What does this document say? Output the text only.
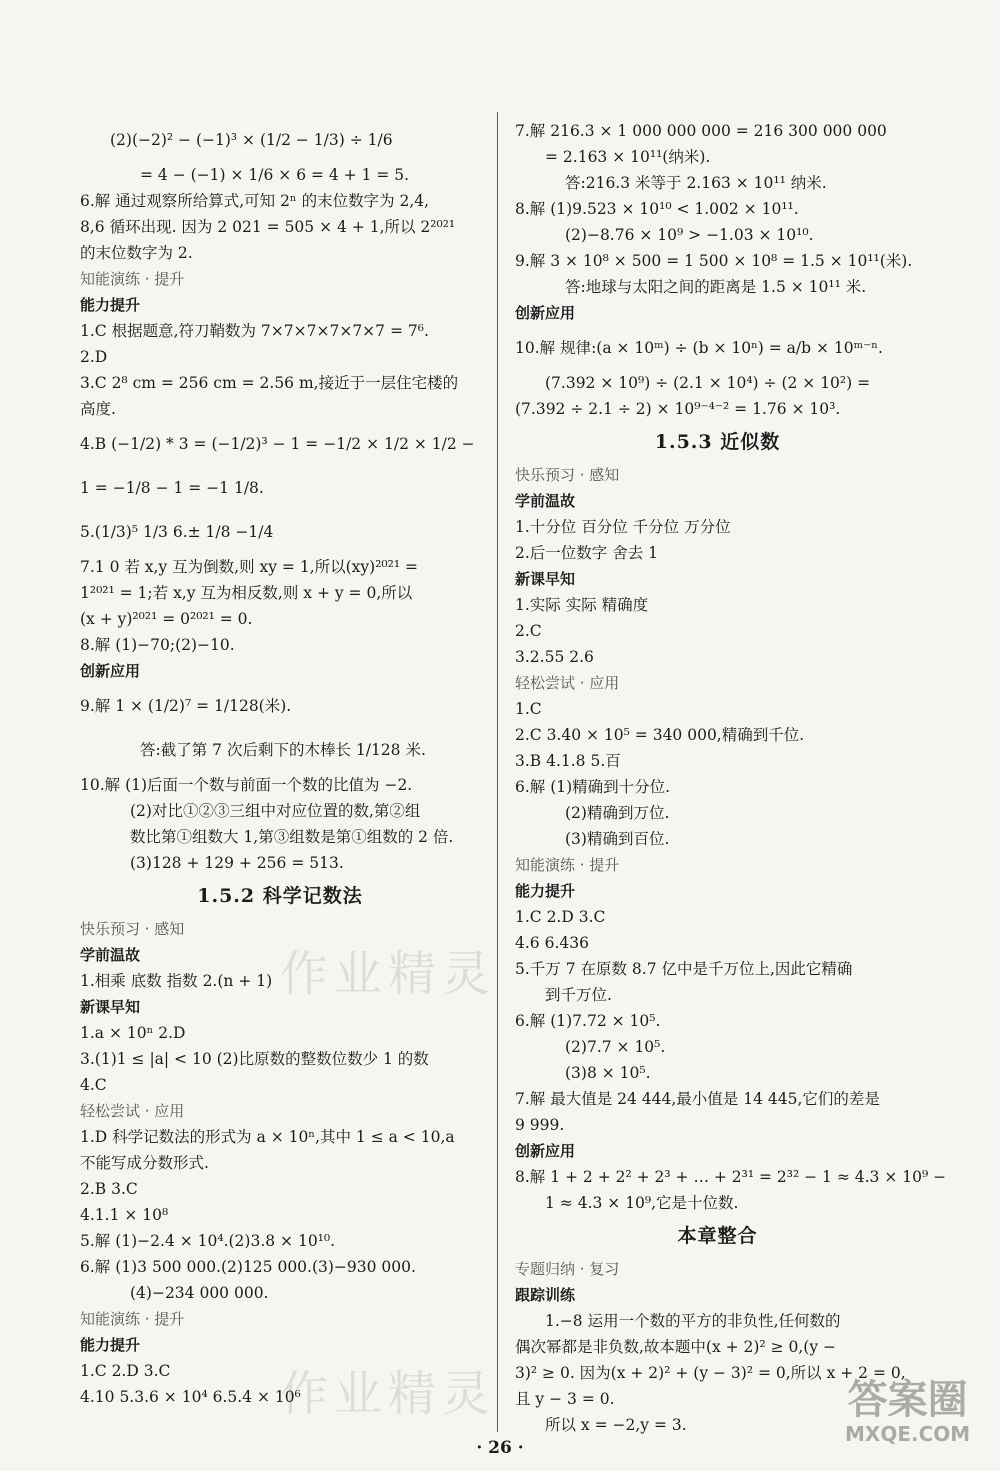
(2)(−2)² − (−1)³ × (1/2 − 1/3) ÷ 1/6
= 4 − (−1) × 1/6 × 6 = 4 + 1 = 5.
6.解 通过观察所给算式,可知 2ⁿ 的末位数字为 2,4,
8,6 循环出现. 因为 2 021 = 505 × 4 + 1,所以 2²⁰²¹
的末位数字为 2.
知能演练 · 提升
能力提升
1.C 根据题意,符刀鞘数为 7×7×7×7×7×7 = 7⁶.
2.D
3.C 2⁸ cm = 256 cm = 2.56 m,接近于一层住宅楼的
高度.
4.B (−1/2) * 3 = (−1/2)³ − 1 = −1/2 × 1/2 × 1/2 −
1 = −1/8 − 1 = −1 1/8.
5.(1/3)⁵ 1/3 6.± 1/8 −1/4
7.1 0 若 x,y 互为倒数,则 xy = 1,所以(xy)²⁰²¹ =
1²⁰²¹ = 1;若 x,y 互为相反数,则 x + y = 0,所以
(x + y)²⁰²¹ = 0²⁰²¹ = 0.
8.解 (1)−70;(2)−10.
创新应用
9.解 1 × (1/2)⁷ = 1/128(米).
答:截了第 7 次后剩下的木棒长 1/128 米.
10.解 (1)后面一个数与前面一个数的比值为 −2.
(2)对比①②③三组中对应位置的数,第②组
数比第①组数大 1,第③组数是第①组数的 2 倍.
(3)128 + 129 + 256 = 513.
1.5.2 科学记数法
快乐预习 · 感知
学前温故
1.相乘 底数 指数 2.(n + 1)
新课早知
1.a × 10ⁿ 2.D
3.(1)1 ≤ |a| < 10 (2)比原数的整数位数少 1 的数
4.C
轻松尝试 · 应用
1.D 科学记数法的形式为 a × 10ⁿ,其中 1 ≤ a < 10,a
不能写成分数形式.
2.B 3.C
4.1.1 × 10⁸
5.解 (1)−2.4 × 10⁴.(2)3.8 × 10¹⁰.
6.解 (1)3 500 000.(2)125 000.(3)−930 000.
(4)−234 000 000.
知能演练 · 提升
能力提升
1.C 2.D 3.C
4.10 5.3.6 × 10⁴ 6.5.4 × 10⁶
7.解 216.3 × 1 000 000 000 = 216 300 000 000
= 2.163 × 10¹¹(纳米).
答:216.3 米等于 2.163 × 10¹¹ 纳米.
8.解 (1)9.523 × 10¹⁰ < 1.002 × 10¹¹.
(2)−8.76 × 10⁹ > −1.03 × 10¹⁰.
9.解 3 × 10⁸ × 500 = 1 500 × 10⁸ = 1.5 × 10¹¹(米).
答:地球与太阳之间的距离是 1.5 × 10¹¹ 米.
创新应用
10.解 规律:(a × 10ᵐ) ÷ (b × 10ⁿ) = a/b × 10ᵐ⁻ⁿ.
(7.392 × 10⁹) ÷ (2.1 × 10⁴) ÷ (2 × 10²) =
(7.392 ÷ 2.1 ÷ 2) × 10⁹⁻⁴⁻² = 1.76 × 10³.
1.5.3 近似数
快乐预习 · 感知
学前温故
1.十分位 百分位 千分位 万分位
2.后一位数字 舍去 1
新课早知
1.实际 实际 精确度
2.C
3.2.55 2.6
轻松尝试 · 应用
1.C
2.C 3.40 × 10⁵ = 340 000,精确到千位.
3.B 4.1.8 5.百
6.解 (1)精确到十分位.
(2)精确到万位.
(3)精确到百位.
知能演练 · 提升
能力提升
1.C 2.D 3.C
4.6 6.436
5.千万 7 在原数 8.7 亿中是千万位上,因此它精确
到千万位.
6.解 (1)7.72 × 10⁵.
(2)7.7 × 10⁵.
(3)8 × 10⁵.
7.解 最大值是 24 444,最小值是 14 445,它们的差是
9 999.
创新应用
8.解 1 + 2 + 2² + 2³ + … + 2³¹ = 2³² − 1 ≈ 4.3 × 10⁹ −
1 ≈ 4.3 × 10⁹,它是十位数.
本章整合
专题归纳 · 复习
跟踪训练
1.−8 运用一个数的平方的非负性,任何数的
偶次幂都是非负数,故本题中(x + 2)² ≥ 0,(y −
3)² ≥ 0. 因为(x + 2)² + (y − 3)² = 0,所以 x + 2 = 0,
且 y − 3 = 0.
所以 x = −2,y = 3.
作业精灵
作业精灵	答案圈
MXQE.COM
· 26 ·
